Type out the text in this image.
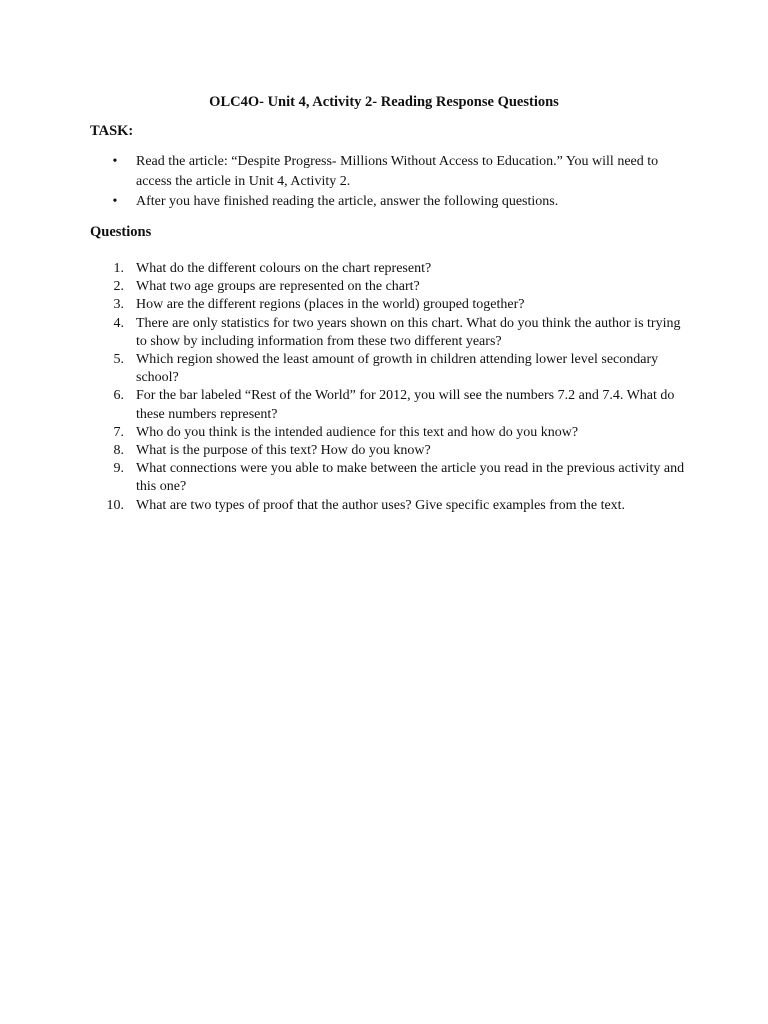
OLC4O- Unit 4, Activity 2- Reading Response Questions
TASK:
• Read the article: “Despite Progress- Millions Without Access to Education.” You will need to access the article in Unit 4, Activity 2.
• After you have finished reading the article, answer the following questions.
Questions
1. What do the different colours on the chart represent?
2. What two age groups are represented on the chart?
3. How are the different regions (places in the world) grouped together?
4. There are only statistics for two years shown on this chart. What do you think the author is trying to show by including information from these two different years?
5. Which region showed the least amount of growth in children attending lower level secondary school?
6. For the bar labeled “Rest of the World” for 2012, you will see the numbers 7.2 and 7.4. What do these numbers represent?
7. Who do you think is the intended audience for this text and how do you know?
8. What is the purpose of this text? How do you know?
9. What connections were you able to make between the article you read in the previous activity and this one?
10. What are two types of proof that the author uses? Give specific examples from the text.
